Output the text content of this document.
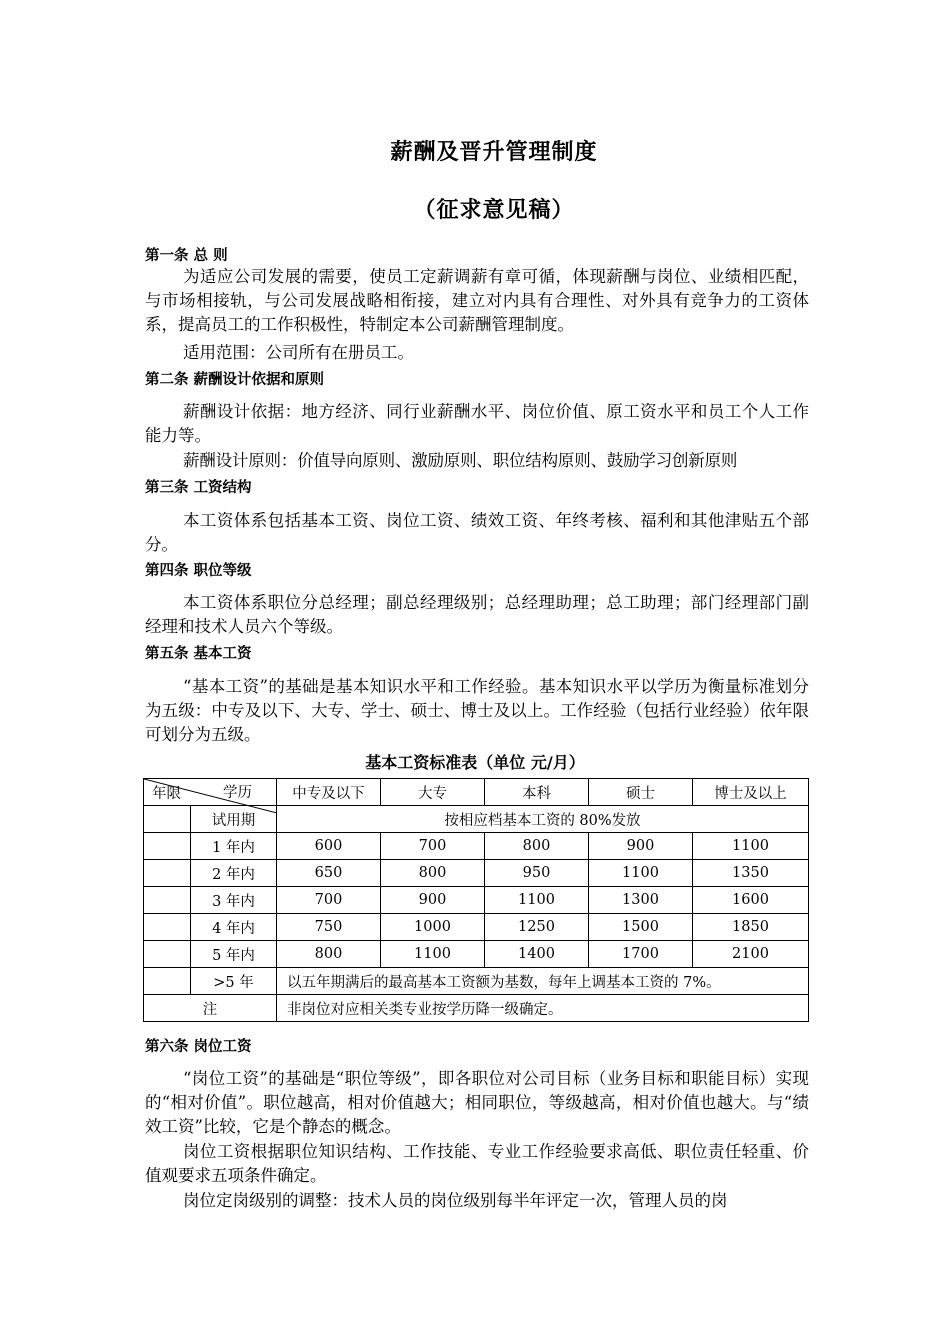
薪酬及晋升管理制度
（征求意见稿）
第一条 总 则

为适应公司发展的需要，使员工定薪调薪有章可循，体现薪酬与岗位、业绩相匹配，与市场相接轨，与公司发展战略相衔接，建立对内具有合理性、对外具有竞争力的工资体系，提高员工的工作积极性，特制定本公司薪酬管理制度。

适用范围：公司所有在册员工。

第二条 薪酬设计依据和原则

薪酬设计依据：地方经济、同行业薪酬水平、岗位价值、原工资水平和员工个人工作能力等。

薪酬设计原则：价值导向原则、激励原则、职位结构原则、鼓励学习创新原则

第三条 工资结构

本工资体系包括基本工资、岗位工资、绩效工资、年终考核、福利和其他津贴五个部分。

第四条 职位等级

本工资体系职位分总经理；副总经理级别；总经理助理；总工助理；部门经理部门副经理和技术人员六个等级。

第五条 基本工资

“基本工资”的基础是基本知识水平和工作经验。基本知识水平以学历为衡量标准划分为五级：中专及以下、大专、学士、硕士、博士及以上。工作经验（包括行业经验）依年限可划分为五级。

基本工资标准表（单位 元/月）
学历
年限		中专及以下	大专	本科	硕士	博士及以上
	试用期	按相应档基本工资的 80%发放				
	1 年内	600	700	800	900	1100
	2 年内	650	800	950	1100	1350
	3 年内	700	900	1100	1300	1600
	4 年内	750	1000	1250	1500	1850
	5 年内	800	1100	1400	1700	2100
	>5 年	以五年期满后的最高基本工资额为基数，每年上调基本工资的 7%。				
注		非岗位对应相关类专业按学历降一级确定。				
第六条 岗位工资

“岗位工资”的基础是“职位等级”，即各职位对公司目标（业务目标和职能目标）实现的“相对价值”。职位越高，相对价值越大；相同职位，等级越高，相对价值也越大。与“绩效工资”比较，它是个静态的概念。

岗位工资根据职位知识结构、工作技能、专业工作经验要求高低、职位责任轻重、价值观要求五项条件确定。

岗位定岗级别的调整：技术人员的岗位级别每半年评定一次，管理人员的岗
